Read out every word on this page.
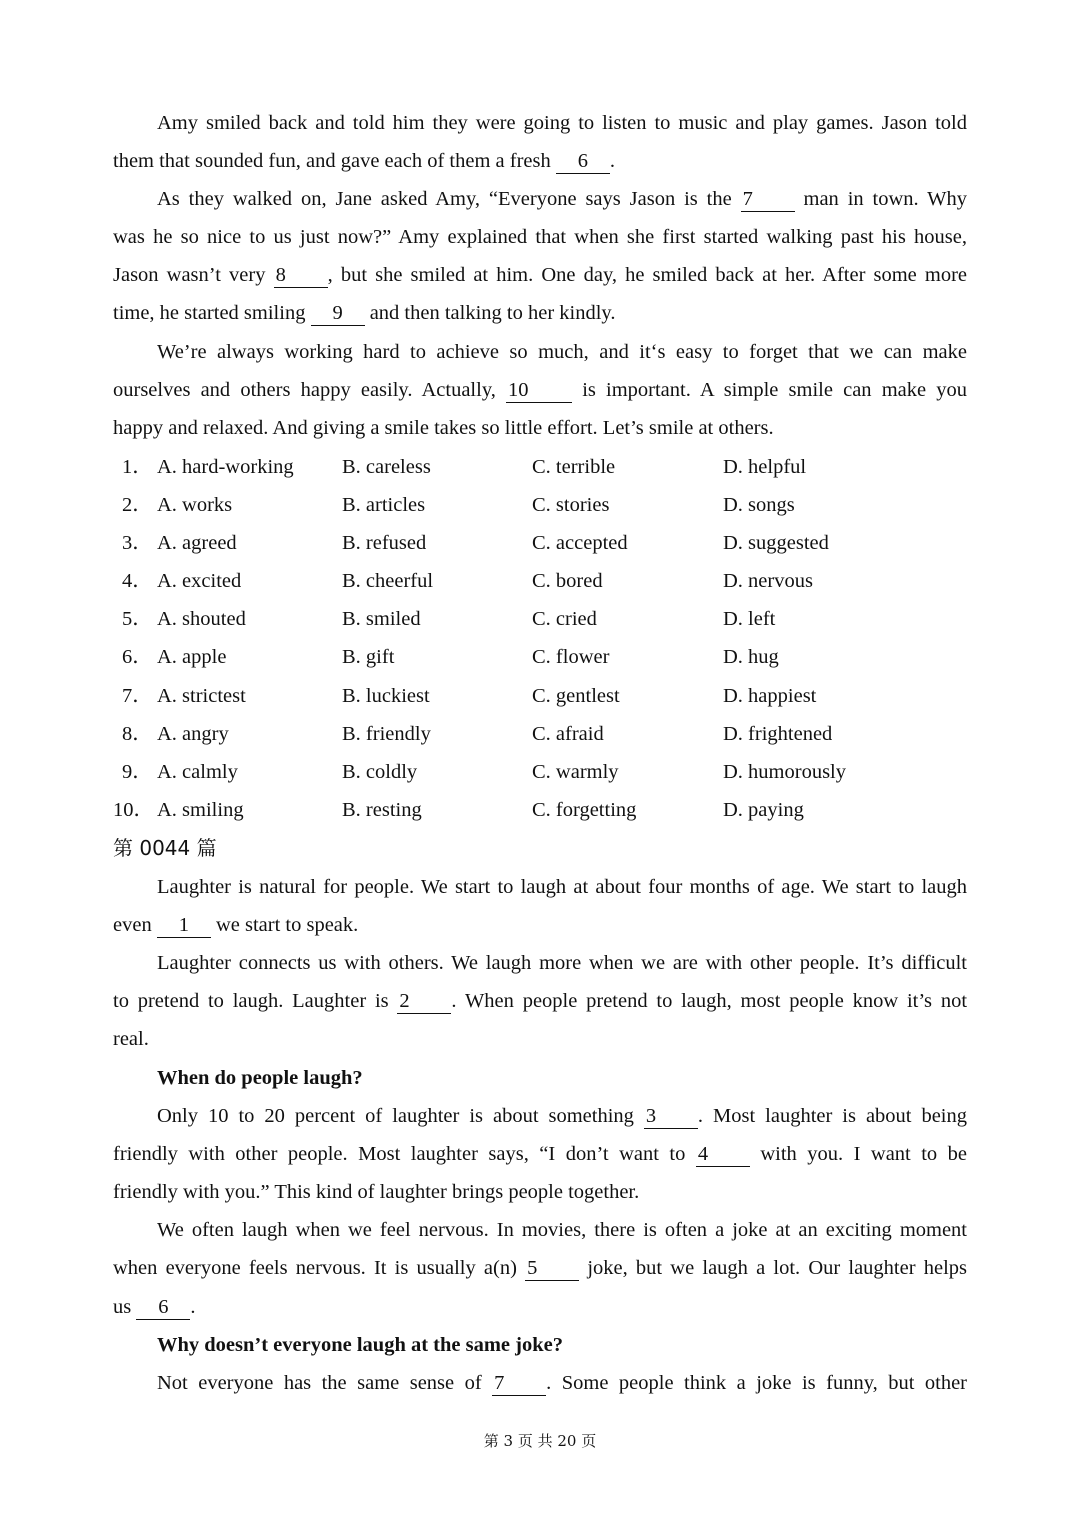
Amy smiled back and told him they were going to listen to music and play games. Jason told
them that sounded fun, and gave each of them a fresh 6 .
As they walked on, Jane asked Amy, “Everyone says Jason is the 7 man in town. Why
was he so nice to us just now?” Amy explained that when she first started walking past his house,
Jason wasn’t very 8 , but she smiled at him. One day, he smiled back at her. After some more
time, he started smiling 9 and then talking to her kindly.
We’re always working hard to achieve so much, and it‘s easy to forget that we can make
ourselves and others happy easily. Actually, 10	is important. A simple smile can make you
happy and relaxed. And giving a smile takes so little effort. Let’s smile at others.
1． A. hard-working B. careless	C. terrible	D. helpful
2． A. works	B. articles	C. stories	D. songs
3． A. agreed	B. refused	C. accepted	D. suggested
4． A. excited	B. cheerful	C. bored	D. nervous
5． A. shouted	B. smiled	C. cried	D. left
6． A. apple	B. gift	C. flower	D. hug
7． A. strictest	B. luckiest	C. gentlest	D. happiest
8． A. angry	B. friendly	C. afraid	D. frightened
9． A. calmly	B. coldly	C. warmly	D. humorously
10． A. smiling	B. resting	C. forgetting	D. paying
第 0044 篇
Laughter is natural for people. We start to laugh at about four months of age. We start to laugh
even 1 we start to speak.
Laughter connects us with others. We laugh more when we are with other people. It’s difficult
to pretend to laugh. Laughter is 2 . When people pretend to laugh, most people know it’s not
real.
When do people laugh?
Only 10 to 20 percent of laughter is about something 3 . Most laughter is about being
friendly with other people. Most laughter says, “I don’t want to 4	with you. I want to be
friendly with you.” This kind of laughter brings people together.
We often laugh when we feel nervous. In movies, there is often a joke at an exciting moment
when everyone feels nervous. It is usually a(n) 5 joke, but we laugh a lot. Our laughter helps
us 6 .
Why doesn’t everyone laugh at the same joke?
Not everyone has the same sense of 7 . Some people think a joke is funny, but other
第 3 页 共 20 页
